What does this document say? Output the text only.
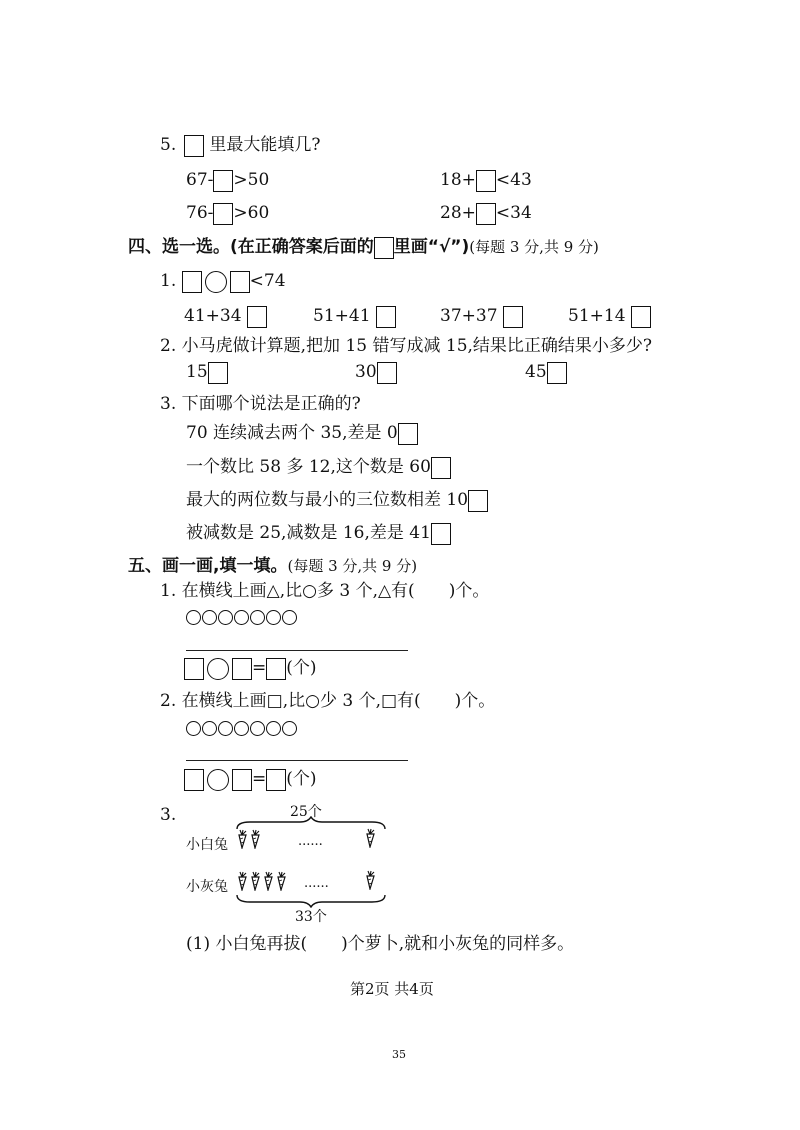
5.	里最大能填几?
67- >50	18+ <43
76- >60	28+ <34
四、选一选。(在正确答案后面的 里画“√”)(每题 3 分,共 9 分)
1.	<74
41+34	51+41	37+37	51+14
2. 小马虎做计算题,把加 15 错写成减 15,结果比正确结果小多少?
15	30	45
3. 下面哪个说法是正确的?
70 连续减去两个 35,差是 0
一个数比 58 多 12,这个数是 60
最大的两位数与最小的三位数相差 10
被减数是 25,减数是 16,差是 41
五、画一画,填一填。(每题 3 分,共 9 分)
1. 在横线上画△,比○多 3 个,△有( )个。
= (个)
2. 在横线上画□,比○少 3 个,□有( )个。
= (个)
3.	25个
小白兔	......
小灰兔	......
33个
(1) 小白兔再拔( )个萝卜,就和小灰兔的同样多。
第2页 共4页
35
